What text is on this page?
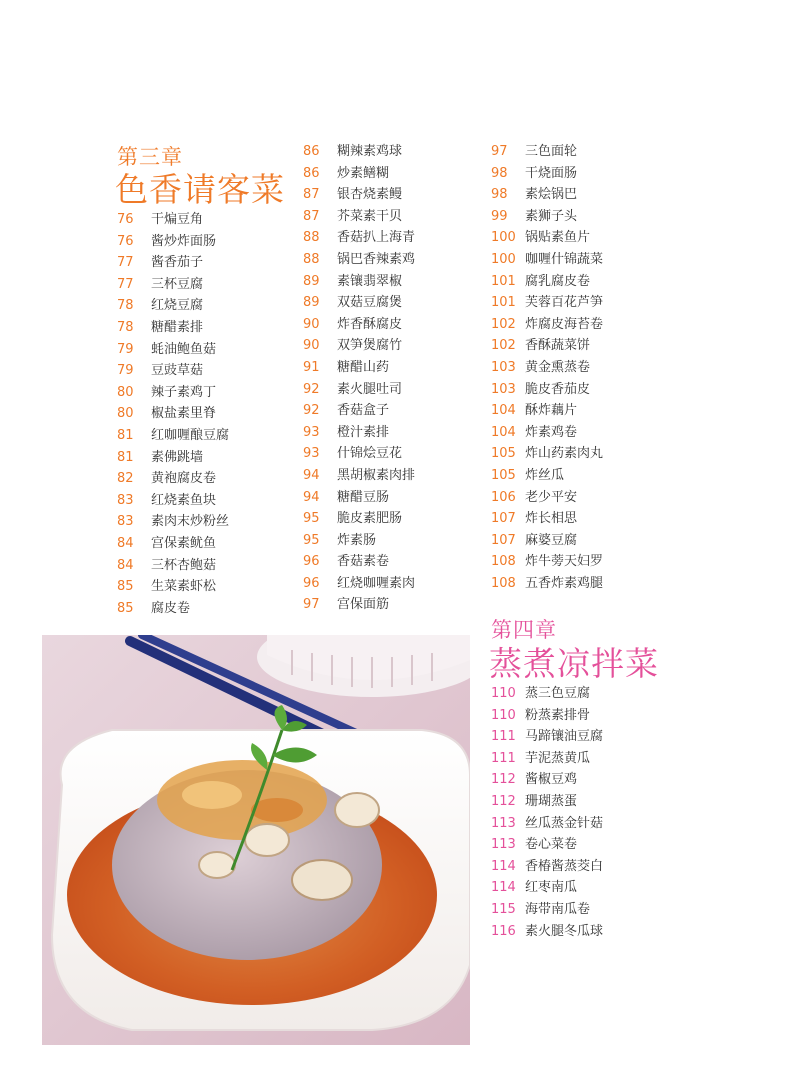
第三章
色香请客菜
76	干煸豆角
76	酱炒炸面肠
77	酱香茄子
77	三杯豆腐
78	红烧豆腐
78	糖醋素排
79	蚝油鲍鱼菇
79	豆豉草菇
80	辣子素鸡丁
80	椒盐素里脊
81	红咖喱酿豆腐
81	素佛跳墙
82	黄袍腐皮卷
83	红烧素鱼块
83	素肉末炒粉丝
84	宫保素鱿鱼
84	三杯杏鲍菇
85	生菜素虾松
85	腐皮卷
86	糊辣素鸡球
86	炒素鳝糊
87	银杏烧素鳗
87	芥菜素干贝
88	香菇扒上海青
88	锅巴香辣素鸡
89	素镶翡翠椒
89	双菇豆腐煲
90	炸香酥腐皮
90	双笋煲腐竹
91	糖醋山药
92	素火腿吐司
92	香菇盒子
93	橙汁素排
93	什锦烩豆花
94	黑胡椒素肉排
94	糖醋豆肠
95	脆皮素肥肠
95	炸素肠
96	香菇素卷
96	红烧咖喱素肉
97	宫保面筋
97	三色面轮
98	干烧面肠
98	素烩锅巴
99	素狮子头
100 锅贴素鱼片
100 咖喱什锦蔬菜
101 腐乳腐皮卷
101 芙蓉百花芦笋
102 炸腐皮海苔卷
102 香酥蔬菜饼
103 黄金熏蒸卷
103 脆皮香茄皮
104 酥炸藕片
104 炸素鸡卷
105 炸山药素肉丸
105 炸丝瓜
106 老少平安
107 炸长相思
107 麻婆豆腐
108 炸牛蒡天妇罗
108 五香炸素鸡腿
第四章
蒸煮凉拌菜
110 蒸三色豆腐
110 粉蒸素排骨
111 马蹄镶油豆腐
111 芋泥蒸黄瓜
112 酱椒豆鸡
112 珊瑚蒸蛋
113 丝瓜蒸金针菇
113 卷心菜卷
114 香椿酱蒸茭白
114 红枣南瓜
115 海带南瓜卷
116 素火腿冬瓜球
